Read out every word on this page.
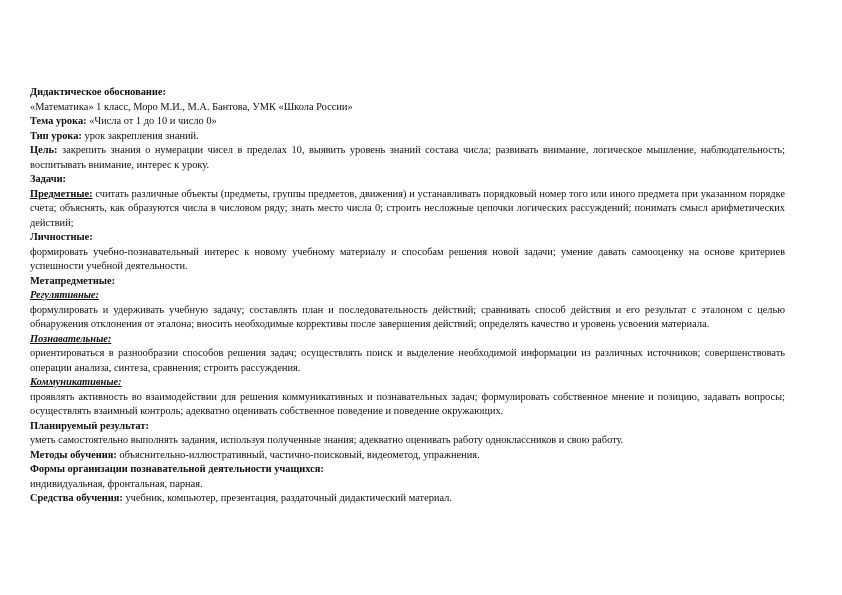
Дидактическое обоснование:
«Математика» 1 класс, Моро М.И., М.А. Бантова, УМК «Школа России»
Тема урока: «Числа от 1 до 10 и число 0»
Тип урока: урок закрепления знаний.
Цель: закрепить знания о нумерации чисел в пределах 10, выявить уровень знаний состава числа; развивать внимание, логическое мышление, наблюдательность; воспитывать внимание, интерес к уроку.
Задачи:
Предметные: считать различные объекты (предметы, группы предметов, движения) и устанавливать порядковый номер того или иного предмета при указанном порядке счета; объяснять, как образуются числа в числовом ряду; знать место числа 0; строить несложные цепочки логических рассуждений; понимать смысл арифметических действий;
Личностные:
формировать учебно-познавательный интерес к новому учебному материалу и способам решения новой задачи; умение давать самооценку на основе критериев успешности учебной деятельности.
Метапредметные:
Регулятивные:
формулировать и удерживать учебную задачу; составлять план и последовательность действий; сравнивать способ действия и его результат с эталоном с целью обнаружения отклонения от эталона; вносить необходимые коррективы после завершения действий; определять качество и уровень усвоения материала.
Познавательные:
ориентироваться в разнообразии способов решения задач; осуществлять поиск и выделение необходимой информации из различных источников; совершенствовать операции анализа, синтеза, сравнения; строить рассуждения.
Коммуникативные:
проявлять активность во взаимодействии для решения коммуникативных и познавательных задач; формулировать собственное мнение и позицию, задавать вопросы; осуществлять взаимный контроль; адекватно оценивать собственное поведение и поведение окружающих.
Планируемый результат:
уметь самостоятельно выполнять задания, используя полученные знания; адекватно оценивать работу одноклассников и свою работу.
Методы обучения: объяснительно-иллюстративный, частично-поисковый, видеометод, упражнения.
Формы организации познавательной деятельности учащихся:
индивидуальная, фронтальная, парная.
Средства обучения: учебник, компьютер, презентация, раздаточный дидактический материал.
